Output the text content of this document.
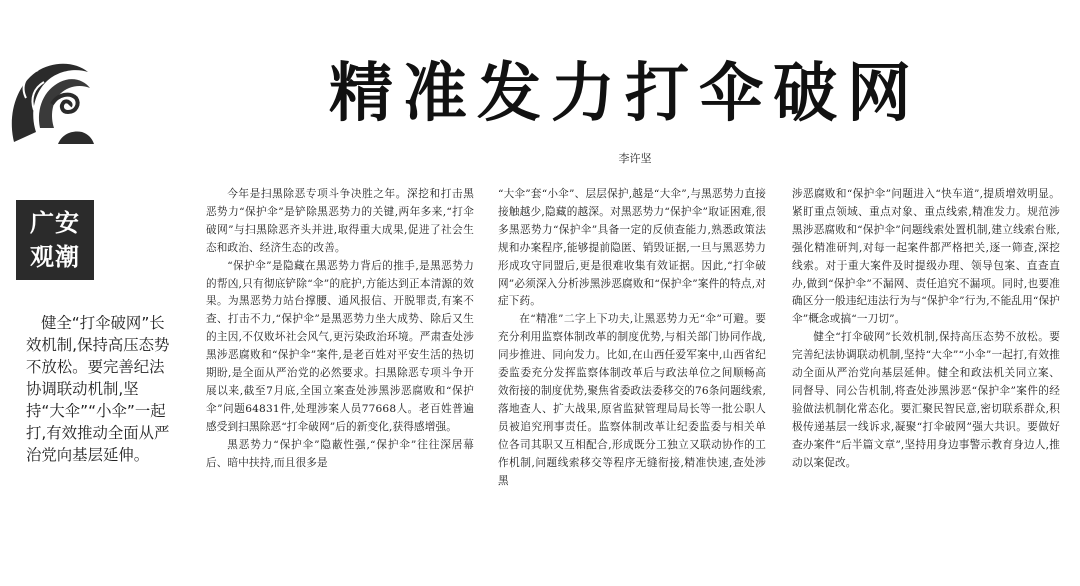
广安
观潮
健全“打伞破网”长效机制,保持高压态势不放松。要完善纪法协调联动机制,坚持“大伞”“小伞”一起打,有效推动全面从严治党向基层延伸。
精准发力打伞破网
李许坚

今年是扫黑除恶专项斗争决胜之年。深挖和打击黑恶势力“保护伞”是铲除黑恶势力的关键,两年多来,“打伞破网”与扫黑除恶齐头并进,取得重大成果,促进了社会生态和政治、经济生态的改善。

“保护伞”是隐藏在黑恶势力背后的推手,是黑恶势力的帮凶,只有彻底铲除“伞”的庇护,方能达到正本清源的效果。为黑恶势力站台撑腰、通风报信、开脱罪责,有案不查、打击不力,“保护伞”是黑恶势力坐大成势、除后又生的主因,不仅败坏社会风气,更污染政治环境。严肃查处涉黑涉恶腐败和“保护伞”案件,是老百姓对平安生活的热切期盼,是全面从严治党的必然要求。扫黑除恶专项斗争开展以来,截至7月底,全国立案查处涉黑涉恶腐败和“保护伞”问题64831件,处理涉案人员77668人。老百姓普遍感受到扫黑除恶“打伞破网”后的新变化,获得感增强。

黑恶势力“保护伞”隐蔽性强,“保护伞”往往深居幕后、暗中扶持,而且很多是

“大伞”套“小伞”、层层保护,越是“大伞”,与黑恶势力直接接触越少,隐藏的越深。对黑恶势力“保护伞”取证困难,很多黑恶势力“保护伞”具备一定的反侦查能力,熟悉政策法规和办案程序,能够提前隐匿、销毁证据,一旦与黑恶势力形成攻守同盟后,更是很难收集有效证据。因此,“打伞破网”必须深入分析涉黑涉恶腐败和“保护伞”案件的特点,对症下药。

在“精准”二字上下功夫,让黑恶势力无“伞”可避。要充分利用监察体制改革的制度优势,与相关部门协同作战,同步推进、同向发力。比如,在山西任爱军案中,山西省纪委监委充分发挥监察体制改革后与政法单位之间顺畅高效衔接的制度优势,聚焦省委政法委移交的76条问题线索,落地查人、扩大战果,原省监狱管理局局长等一批公职人员被追究刑事责任。监察体制改革让纪委监委与相关单位各司其职又互相配合,形成既分工独立又联动协作的工作机制,问题线索移交等程序无缝衔接,精准快速,查处涉黑

涉恶腐败和“保护伞”问题进入“快车道”,提质增效明显。紧盯重点领域、重点对象、重点线索,精准发力。规范涉黑涉恶腐败和“保护伞”问题线索处置机制,建立线索台账,强化精准研判,对每一起案件都严格把关,逐一筛查,深挖线索。对于重大案件及时提级办理、领导包案、直查直办,做到“保护伞”不漏网、责任追究不漏项。同时,也要准确区分一般违纪违法行为与“保护伞”行为,不能乱用“保护伞”概念或搞“一刀切”。

健全“打伞破网”长效机制,保持高压态势不放松。要完善纪法协调联动机制,坚持“大伞”“小伞”一起打,有效推动全面从严治党向基层延伸。健全和政法机关同立案、同督导、同公告机制,将查处涉黑涉恶“保护伞”案件的经验做法机制化常态化。要汇聚民智民意,密切联系群众,积极传递基层一线诉求,凝聚“打伞破网”强大共识。要做好查办案件“后半篇文章”,坚持用身边事警示教育身边人,推动以案促改。
